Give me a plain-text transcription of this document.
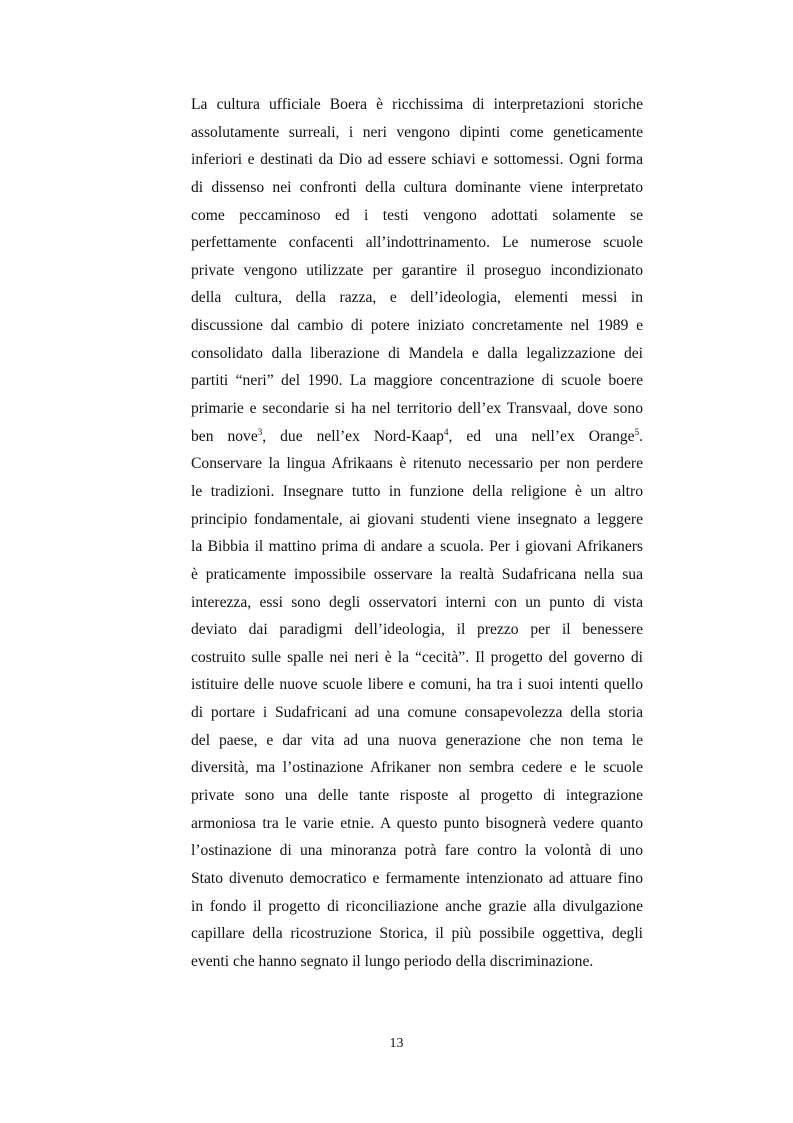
La cultura ufficiale Boera è ricchissima di interpretazioni storiche
assolutamente surreali, i neri vengono dipinti come geneticamente
inferiori e destinati da Dio ad essere schiavi e sottomessi. Ogni forma
di dissenso nei confronti della cultura dominante viene interpretato
come peccaminoso ed i testi vengono adottati solamente se
perfettamente confacenti all’indottrinamento. Le numerose scuole
private vengono utilizzate per garantire il proseguo incondizionato
della cultura, della razza, e dell’ideologia, elementi messi in
discussione dal cambio di potere iniziato concretamente nel 1989 e
consolidato dalla liberazione di Mandela e dalla legalizzazione dei
partiti “neri” del 1990. La maggiore concentrazione di scuole boere
primarie e secondarie si ha nel territorio dell’ex Transvaal, dove sono
ben nove$^3$, due nell’ex Nord-Kaap$^4$, ed una nell’ex Orange$^5$.
Conservare la lingua Afrikaans è ritenuto necessario per non perdere
le tradizioni. Insegnare tutto in funzione della religione è un altro
principio fondamentale, ai giovani studenti viene insegnato a leggere
la Bibbia il mattino prima di andare a scuola. Per i giovani Afrikaners
è praticamente impossibile osservare la realtà Sudafricana nella sua
interezza, essi sono degli osservatori interni con un punto di vista
deviato dai paradigmi dell’ideologia, il prezzo per il benessere
costruito sulle spalle nei neri è la “cecità”. Il progetto del governo di
istituire delle nuove scuole libere e comuni, ha tra i suoi intenti quello
di portare i Sudafricani ad una comune consapevolezza della storia
del paese, e dar vita ad una nuova generazione che non tema le
diversità, ma l’ostinazione Afrikaner non sembra cedere e le scuole
private sono una delle tante risposte al progetto di integrazione
armoniosa tra le varie etnie. A questo punto bisognerà vedere quanto
l’ostinazione di una minoranza potrà fare contro la volontà di uno
Stato divenuto democratico e fermamente intenzionato ad attuare fino
in fondo il progetto di riconciliazione anche grazie alla divulgazione
capillare della ricostruzione Storica, il più possibile oggettiva, degli
eventi che hanno segnato il lungo periodo della discriminazione.
13
